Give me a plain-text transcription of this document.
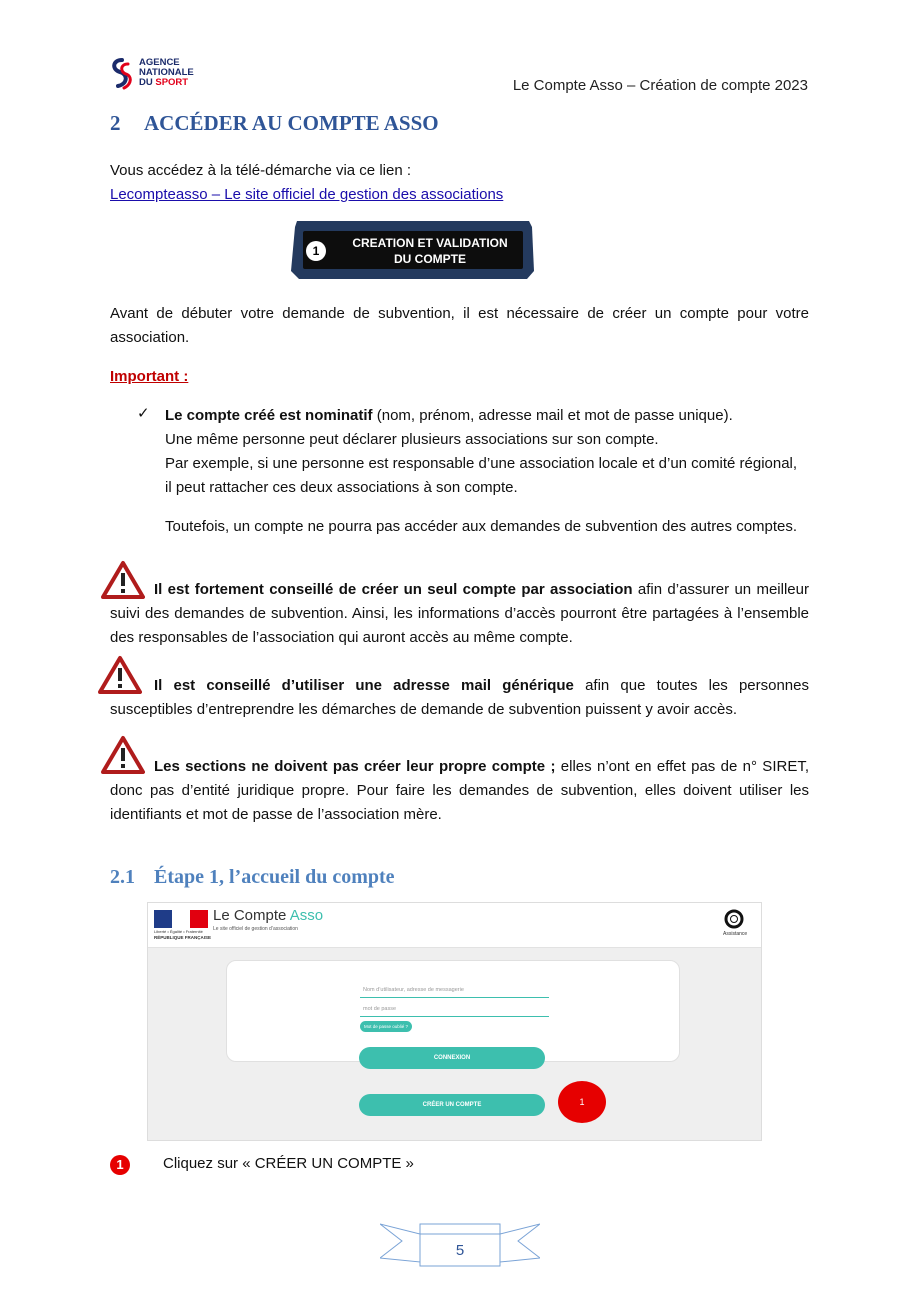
AGENCE
NATIONALE
DU SPORT	Le Compte Asso – Création de compte 2023
2 ACCÉDER AU COMPTE ASSO
Vous accédez à la télé-démarche via ce lien :
Lecompteasso – Le site officiel de gestion des associations
1
CREATION ET VALIDATION
DU COMPTE
Avant de débuter votre demande de subvention, il est nécessaire de créer un compte pour votre association.
Important :
✓ Le compte créé est nominatif (nom, prénom, adresse mail et mot de passe unique).
Une même personne peut déclarer plusieurs associations sur son compte.
Par exemple, si une personne est responsable d’une association locale et d’un comité régional,
il peut rattacher ces deux associations à son compte.
Toutefois, un compte ne pourra pas accéder aux demandes de subvention des autres comptes.
Il est fortement conseillé de créer un seul compte par association afin d’assurer un meilleur suivi des demandes de subvention. Ainsi, les informations d’accès pourront être partagées à l’ensemble des responsables de l’association qui auront accès au même compte.
Il est conseillé d’utiliser une adresse mail générique afin que toutes les personnes susceptibles d’entreprendre les démarches de demande de subvention puissent y avoir accès.
Les sections ne doivent pas créer leur propre compte ; elles n’ont en effet pas de n° SIRET, donc pas d’entité juridique propre. Pour faire les demandes de subvention, elles doivent utiliser les identifiants et mot de passe de l’association mère.
2.1 Étape 1, l’accueil du compte
Liberté • Égalité • Fraternité
RÉPUBLIQUE FRANÇAISE
Le Compte Asso
Le site officiel de gestion d’association
Assistance
Nom d’utilisateur, adresse de messagerie
mot de passe
Mot de passe oublié ?
CONNEXION
CRÉER UN COMPTE	1
1	Cliquez sur « CRÉER UN COMPTE »
5
